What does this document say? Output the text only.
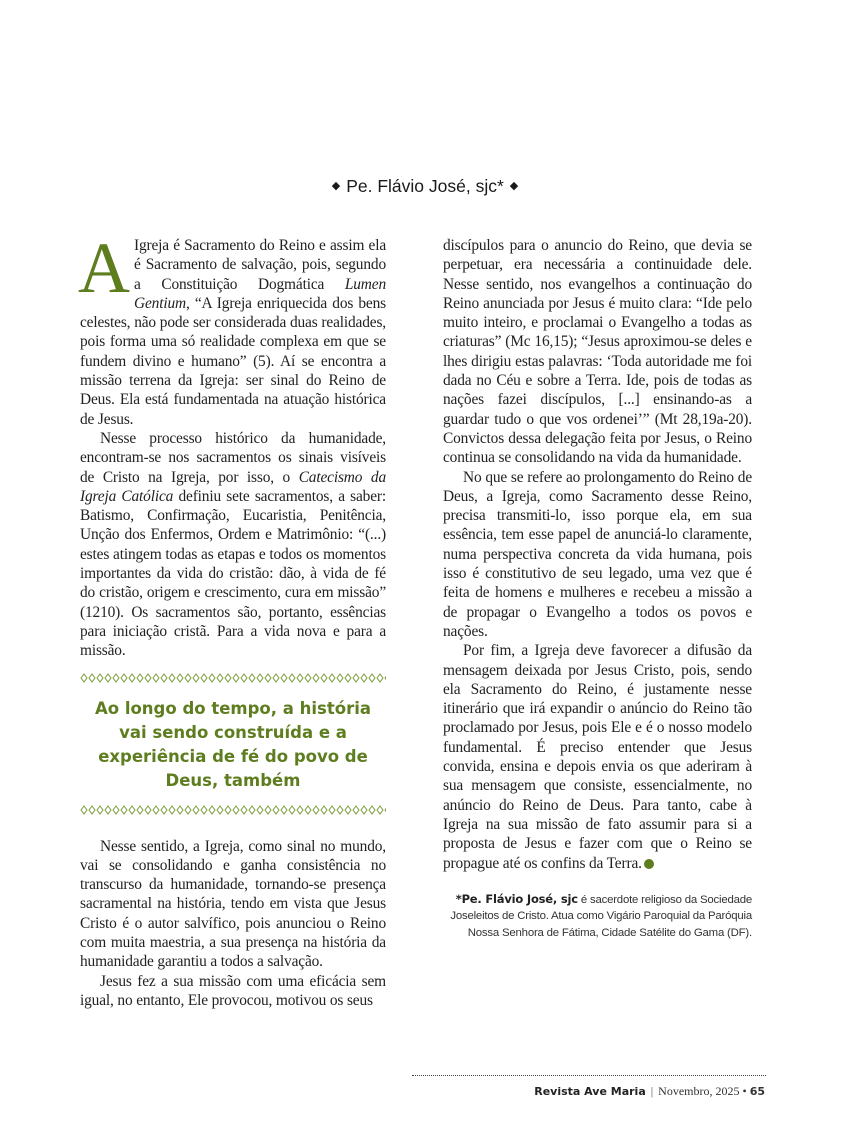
◆ Pe. Flávio José, sjc* ◆

A Igreja é Sacramento do Reino e assim ela é Sacramento de salvação, pois, segundo a Constituição Dogmática Lumen Gentium, “A Igreja enriquecida dos bens celestes, não pode ser considerada duas realidades, pois forma uma só realidade complexa em que se fundem divino e humano” (5). Aí se encontra a missão terrena da Igreja: ser sinal do Reino de Deus. Ela está fundamentada na atuação histórica de Jesus.

Nesse processo histórico da humanidade, encontram-se nos sacramentos os sinais visíveis de Cristo na Igreja, por isso, o Catecismo da Igreja Católica definiu sete sacramentos, a saber: Batismo, Confirmação, Eucaristia, Penitência, Unção dos Enfermos, Ordem e Matrimônio: “(...) estes atingem todas as etapas e todos os momentos importantes da vida do cristão: dão, à vida de fé do cristão, origem e crescimento, cura em missão” (1210). Os sacramentos são, portanto, essências para iniciação cristã. Para a vida nova e para a missão.

Ao longo do tempo, a história vai sendo construída e a experiência de fé do povo de Deus, também

Nesse sentido, a Igreja, como sinal no mundo, vai se consolidando e ganha consistência no transcurso da humanidade, tornando-se presença sacramental na história, tendo em vista que Jesus Cristo é o autor salvífico, pois anunciou o Reino com muita maestria, a sua presença na história da humanidade garantiu a todos a salvação.

Jesus fez a sua missão com uma eficácia sem igual, no entanto, Ele provocou, motivou os seus

discípulos para o anuncio do Reino, que devia se perpetuar, era necessária a continuidade dele. Nesse sentido, nos evangelhos a continuação do Reino anunciada por Jesus é muito clara: “Ide pelo muito inteiro, e proclamai o Evangelho a todas as criaturas” (Mc 16,15); “Jesus aproximou-se deles e lhes dirigiu estas palavras: ‘Toda autoridade me foi dada no Céu e sobre a Terra. Ide, pois de todas as nações fazei discípulos, [...] ensinando-as a guardar tudo o que vos ordenei’” (Mt 28,19a-20). Convictos dessa delegação feita por Jesus, o Reino continua se consolidando na vida da humanidade.

No que se refere ao prolongamento do Reino de Deus, a Igreja, como Sacramento desse Reino, precisa transmiti-lo, isso porque ela, em sua essência, tem esse papel de anunciá-lo claramente, numa perspectiva concreta da vida humana, pois isso é constitutivo de seu legado, uma vez que é feita de homens e mulheres e recebeu a missão a de propagar o Evangelho a todos os povos e nações.

Por fim, a Igreja deve favorecer a difusão da mensagem deixada por Jesus Cristo, pois, sendo ela Sacramento do Reino, é justamente nesse itinerário que irá expandir o anúncio do Reino tão proclamado por Jesus, pois Ele e é o nosso modelo fundamental. É preciso entender que Jesus convida, ensina e depois envia os que aderiram à sua mensagem que consiste, essencialmente, no anúncio do Reino de Deus. Para tanto, cabe à Igreja na sua missão de fato assumir para si a proposta de Jesus e fazer com que o Reino se propague até os confins da Terra.

*Pe. Flávio José, sjc é sacerdote religioso da Sociedade Joseleitos de Cristo. Atua como Vigário Paroquial da Paróquia Nossa Senhora de Fátima, Cidade Satélite do Gama (DF).
Revista Ave Maria | Novembro, 2025 • 65
